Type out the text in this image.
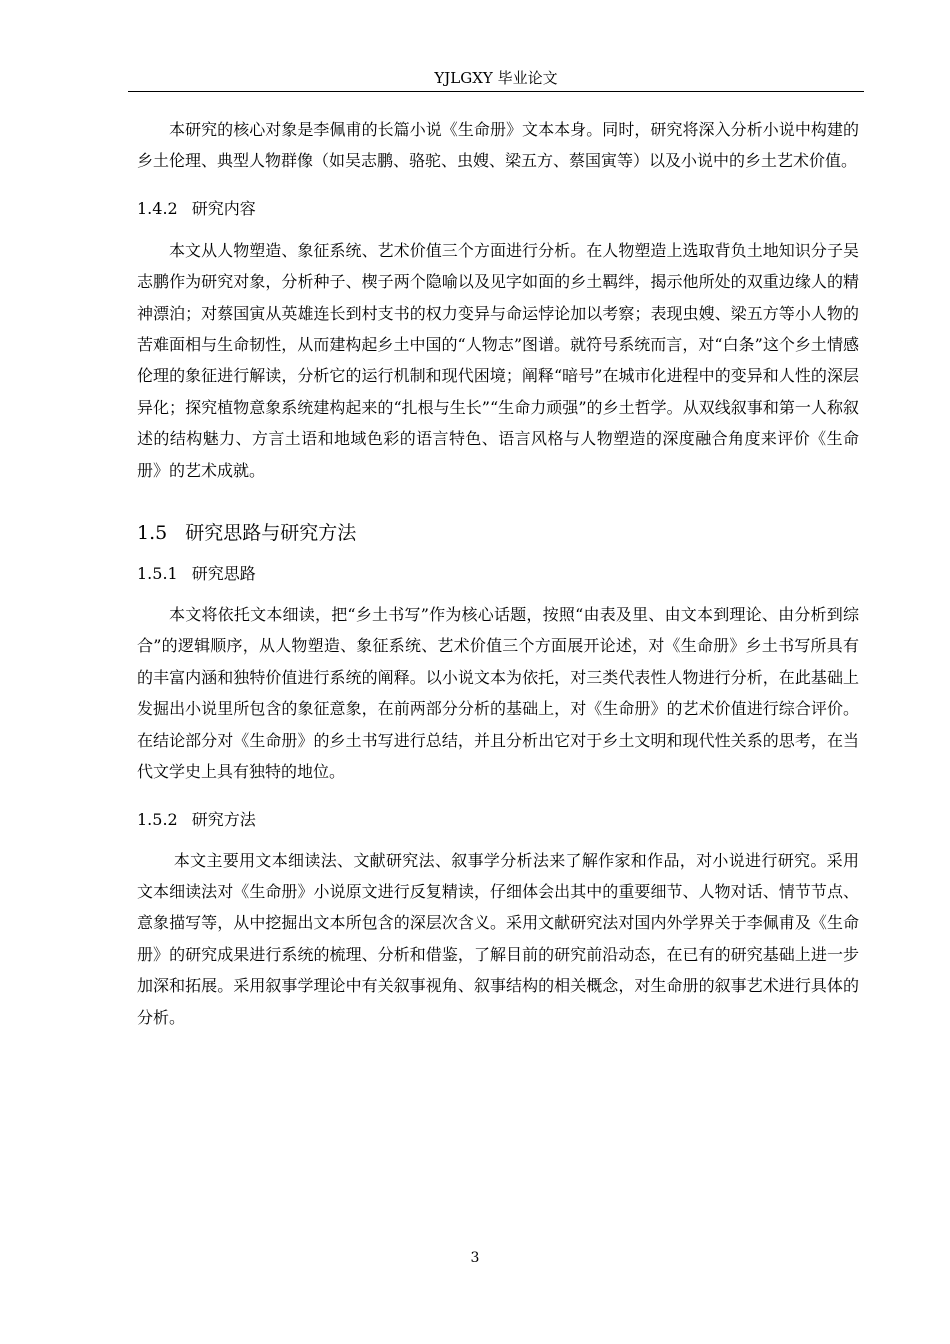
YJLGXY 毕业论文

本研究的核心对象是李佩甫的长篇小说《生命册》文本本身。同时，研究将深入分析小说中构建的乡土伦理、典型人物群像（如吴志鹏、骆驼、虫嫂、梁五方、蔡国寅等）以及小说中的乡土艺术价值。

1.4.2 研究内容

本文从人物塑造、象征系统、艺术价值三个方面进行分析。在人物塑造上选取背负土地知识分子吴志鹏作为研究对象，分析种子、楔子两个隐喻以及见字如面的乡土羁绊，揭示他所处的双重边缘人的精神漂泊；对蔡国寅从英雄连长到村支书的权力变异与命运悖论加以考察；表现虫嫂、梁五方等小人物的苦难面相与生命韧性，从而建构起乡土中国的“人物志”图谱。就符号系统而言，对“白条”这个乡土情感伦理的象征进行解读，分析它的运行机制和现代困境；阐释“暗号”在城市化进程中的变异和人性的深层异化；探究植物意象系统建构起来的“扎根与生长”“生命力顽强”的乡土哲学。从双线叙事和第一人称叙述的结构魅力、方言土语和地域色彩的语言特色、语言风格与人物塑造的深度融合角度来评价《生命册》的艺术成就。

1.5 研究思路与研究方法
1.5.1 研究思路

本文将依托文本细读，把“乡土书写”作为核心话题，按照“由表及里、由文本到理论、由分析到综合”的逻辑顺序，从人物塑造、象征系统、艺术价值三个方面展开论述，对《生命册》乡土书写所具有的丰富内涵和独特价值进行系统的阐释。以小说文本为依托，对三类代表性人物进行分析，在此基础上发掘出小说里所包含的象征意象，在前两部分分析的基础上，对《生命册》的艺术价值进行综合评价。在结论部分对《生命册》的乡土书写进行总结，并且分析出它对于乡土文明和现代性关系的思考，在当代文学史上具有独特的地位。

1.5.2 研究方法

本文主要用文本细读法、文献研究法、叙事学分析法来了解作家和作品，对小说进行研究。采用文本细读法对《生命册》小说原文进行反复精读，仔细体会出其中的重要细节、人物对话、情节节点、意象描写等，从中挖掘出文本所包含的深层次含义。采用文献研究法对国内外学界关于李佩甫及《生命册》的研究成果进行系统的梳理、分析和借鉴，了解目前的研究前沿动态，在已有的研究基础上进一步加深和拓展。采用叙事学理论中有关叙事视角、叙事结构的相关概念，对生命册的叙事艺术进行具体的分析。

3
